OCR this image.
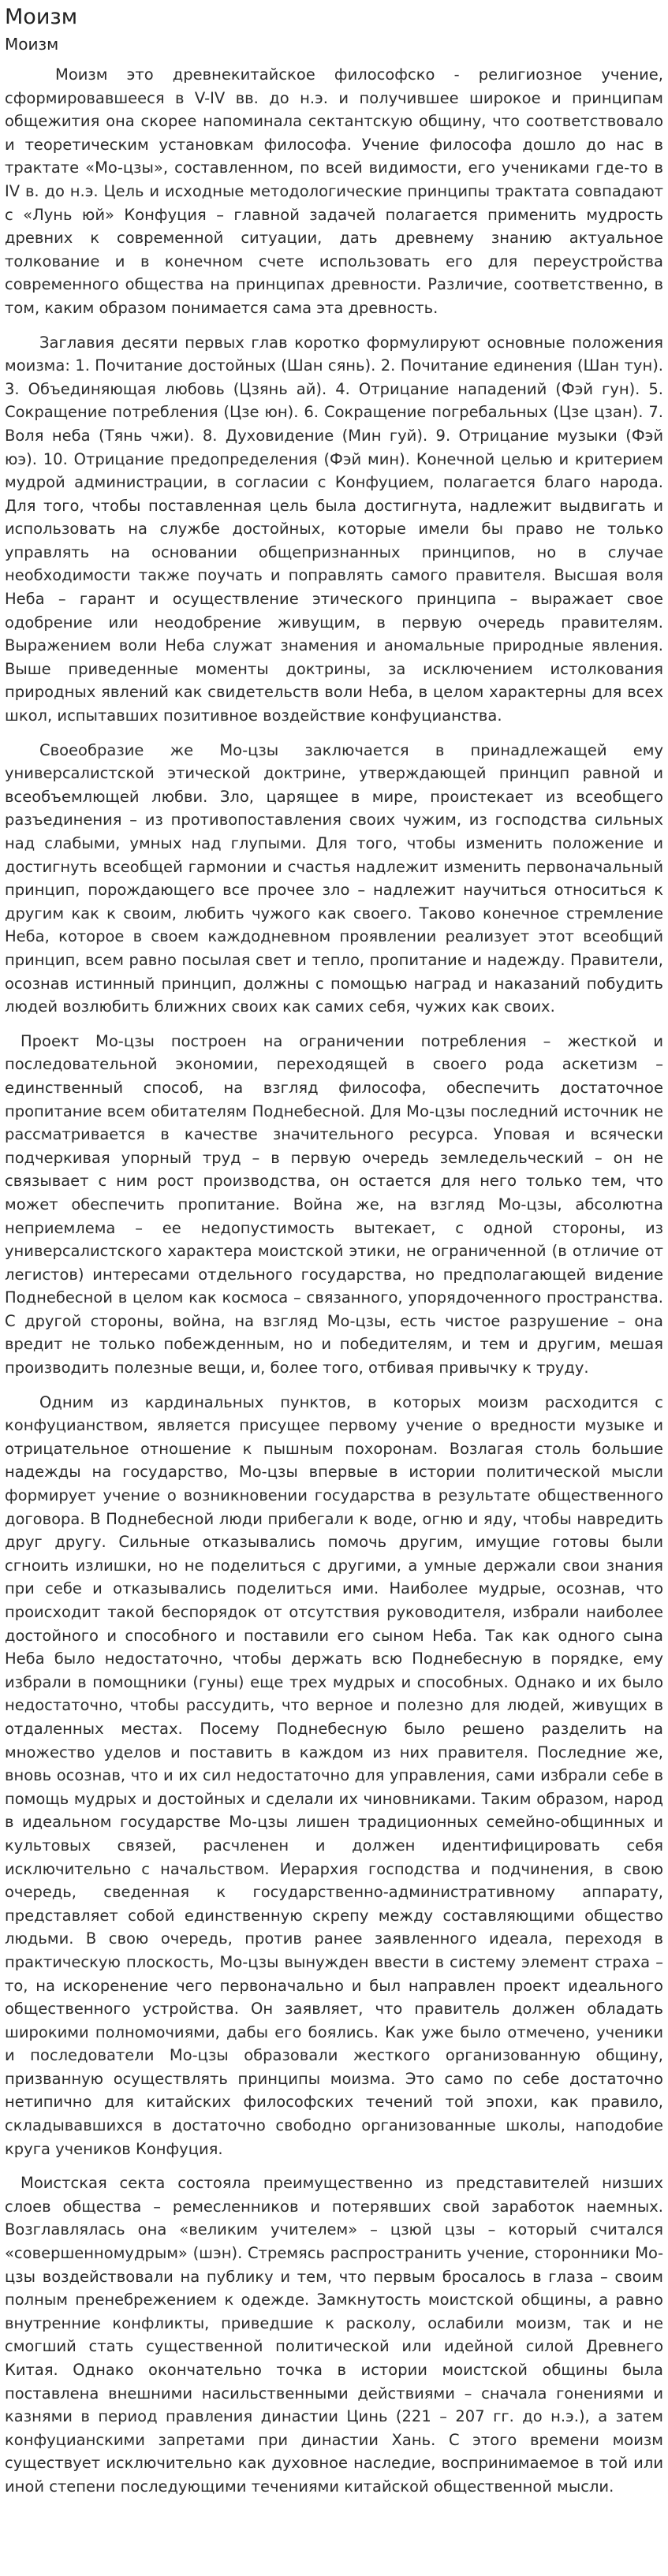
Моизм
Моизм

Моизм это древнекитайское философско - религиозное учение, сформировавшееся в V-IV вв. до н.э. и получившее широкое и принципам общежития она скорее напоминала сектантскую общину, что соответствовало и теоретическим установкам философа. Учение философа дошло до нас в трактате «Мо-цзы», составленном, по всей видимости, его учениками где-то в IV в. до н.э. Цель и исходные методологические принципы трактата совпадают с «Лунь юй» Конфуция – главной задачей полагается применить мудрость древних к современной ситуации, дать древнему знанию актуальное толкование и в конечном счете использовать его для переустройства современного общества на принципах древности. Различие, соответственно, в том, каким образом понимается сама эта древность.

Заглавия десяти первых глав коротко формулируют основные положения моизма: 1. Почитание достойных (Шан сянь). 2. Почитание единения (Шан тун). 3. Объединяющая любовь (Цзянь ай). 4. Отрицание нападений (Фэй гун). 5. Сокращение потребления (Цзе юн). 6. Сокращение погребальных (Цзе цзан). 7. Воля неба (Тянь чжи). 8. Духовидение (Мин гуй). 9. Отрицание музыки (Фэй юэ). 10. Отрицание предопределения (Фэй мин). Конечной целью и критерием мудрой администрации, в согласии с Конфуцием, полагается благо народа. Для того, чтобы поставленная цель была достигнута, надлежит выдвигать и использовать на службе достойных, которые имели бы право не только управлять на основании общепризнанных принципов, но в случае необходимости также поучать и поправлять самого правителя. Высшая воля Неба – гарант и осуществление этического принципа – выражает свое одобрение или неодобрение живущим, в первую очередь правителям. Выражением воли Неба служат знамения и аномальные природные явления. Выше приведенные моменты доктрины, за исключением истолкования природных явлений как свидетельств воли Неба, в целом характерны для всех школ, испытавших позитивное воздействие конфуцианства.

Своеобразие же Мо-цзы заключается в принадлежащей ему универсалистской этической доктрине, утверждающей принцип равной и всеобъемлющей любви. Зло, царящее в мире, проистекает из всеобщего разъединения – из противопоставления своих чужим, из господства сильных над слабыми, умных над глупыми. Для того, чтобы изменить положение и достигнуть всеобщей гармонии и счастья надлежит изменить первоначальный принцип, порождающего все прочее зло – надлежит научиться относиться к другим как к своим, любить чужого как своего. Таково конечное стремление Неба, которое в своем каждодневном проявлении реализует этот всеобщий принцип, всем равно посылая свет и тепло, пропитание и надежду. Правители, осознав истинный принцип, должны с помощью наград и наказаний побудить людей возлюбить ближних своих как самих себя, чужих как своих.

Проект Мо-цзы построен на ограничении потребления – жесткой и последовательной экономии, переходящей в своего рода аскетизм – единственный способ, на взгляд философа, обеспечить достаточное пропитание всем обитателям Поднебесной. Для Мо-цзы последний источник не рассматривается в качестве значительного ресурса. Уповая и всячески подчеркивая упорный труд – в первую очередь земледельческий – он не связывает с ним рост производства, он остается для него только тем, что может обеспечить пропитание. Война же, на взгляд Мо-цзы, абсолютна неприемлема – ее недопустимость вытекает, с одной стороны, из универсалистского характера моистской этики, не ограниченной (в отличие от легистов) интересами отдельного государства, но предполагающей видение Поднебесной в целом как космоса – связанного, упорядоченного пространства. С другой стороны, война, на взгляд Мо-цзы, есть чистое разрушение – она вредит не только побежденным, но и победителям, и тем и другим, мешая производить полезные вещи, и, более того, отбивая привычку к труду.

Одним из кардинальных пунктов, в которых моизм расходится с конфуцианством, является присущее первому учение о вредности музыке и отрицательное отношение к пышным похоронам. Возлагая столь большие надежды на государство, Мо-цзы впервые в истории политической мысли формирует учение о возникновении государства в результате общественного договора. В Поднебесной люди прибегали к воде, огню и яду, чтобы навредить друг другу. Сильные отказывались помочь другим, имущие готовы были сгноить излишки, но не поделиться с другими, а умные держали свои знания при себе и отказывались поделиться ими. Наиболее мудрые, осознав, что происходит такой беспорядок от отсутствия руководителя, избрали наиболее достойного и способного и поставили его сыном Неба. Так как одного сына Неба было недостаточно, чтобы держать всю Поднебесную в порядке, ему избрали в помощники (гуны) еще трех мудрых и способных. Однако и их было недостаточно, чтобы рассудить, что верное и полезно для людей, живущих в отдаленных местах. Посему Поднебесную было решено разделить на множество уделов и поставить в каждом из них правителя. Последние же, вновь осознав, что и их сил недостаточно для управления, сами избрали себе в помощь мудрых и достойных и сделали их чиновниками. Таким образом, народ в идеальном государстве Мо-цзы лишен традиционных семейно-общинных и культовых связей, расчленен и должен идентифицировать себя исключительно с начальством. Иерархия господства и подчинения, в свою очередь, сведенная к государственно-административному аппарату, представляет собой единственную скрепу между составляющими общество людьми. В свою очередь, против ранее заявленного идеала, переходя в практическую плоскость, Мо-цзы вынужден ввести в систему элемент страха – то, на искоренение чего первоначально и был направлен проект идеального общественного устройства. Он заявляет, что правитель должен обладать широкими полномочиями, дабы его боялись. Как уже было отмечено, ученики и последователи Мо-цзы образовали жесткого организованную общину, призванную осуществлять принципы моизма. Это само по себе достаточно нетипично для китайских философских течений той эпохи, как правило, складывавшихся в достаточно свободно организованные школы, наподобие круга учеников Конфуция.

Моистская секта состояла преимущественно из представителей низших слоев общества – ремесленников и потерявших свой заработок наемных. Возглавлялась она «великим учителем» – цзюй цзы – который считался «совершенномудрым» (шэн). Стремясь распространить учение, сторонники Мо-цзы воздействовали на публику и тем, что первым бросалось в глаза – своим полным пренебрежением к одежде. Замкнутость моистской общины, а равно внутренние конфликты, приведшие к расколу, ослабили моизм, так и не смогший стать существенной политической или идейной силой Древнего Китая. Однако окончательно точка в истории моистской общины была поставлена внешними насильственными действиями – сначала гонениями и казнями в период правления династии Цинь (221 – 207 гг. до н.э.), а затем конфуцианскими запретами при династии Хань. С этого времени моизм существует исключительно как духовное наследие, воспринимаемое в той или иной степени последующими течениями китайской общественной мысли.
